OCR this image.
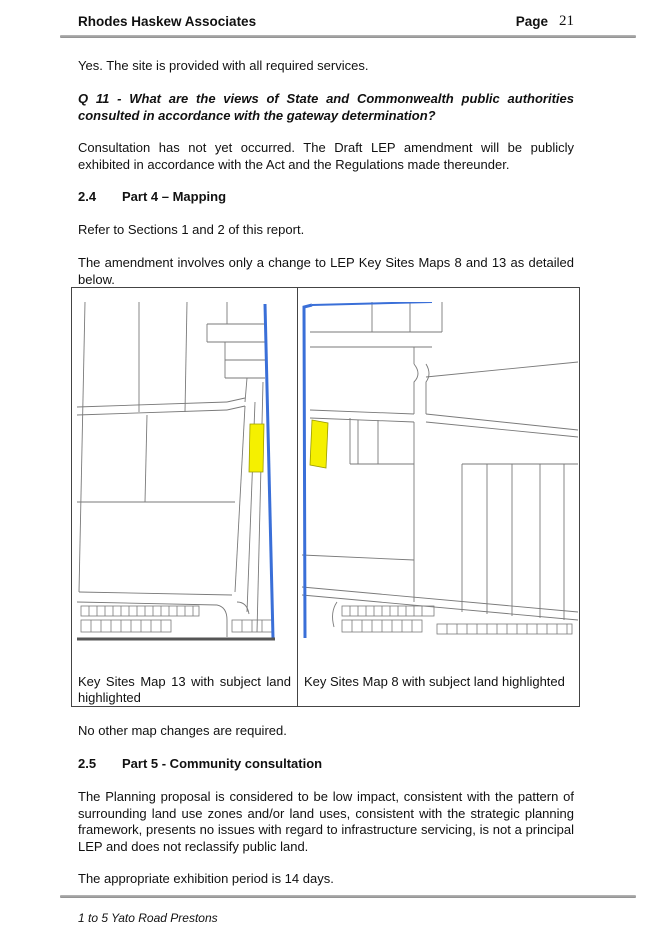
Rhodes Haskew Associates	Page 21

Yes. The site is provided with all required services.

Q 11 - What are the views of State and Commonwealth public authorities consulted in accordance with the gateway determination?

Consultation has not yet occurred. The Draft LEP amendment will be publicly exhibited in accordance with the Act and the Regulations made thereunder.

2.4 Part 4 – Mapping

Refer to Sections 1 and 2 of this report.

The amendment involves only a change to LEP Key Sites Maps 8 and 13 as detailed below.

Key Sites Map 13 with subject land highlighted
Key Sites Map 8 with subject land highlighted

No other map changes are required.

2.5 Part 5 - Community consultation

The Planning proposal is considered to be low impact, consistent with the pattern of surrounding land use zones and/or land uses, consistent with the strategic planning framework, presents no issues with regard to infrastructure servicing, is not a principal LEP and does not reclassify public land.

The appropriate exhibition period is 14 days.

1 to 5 Yato Road Prestons
